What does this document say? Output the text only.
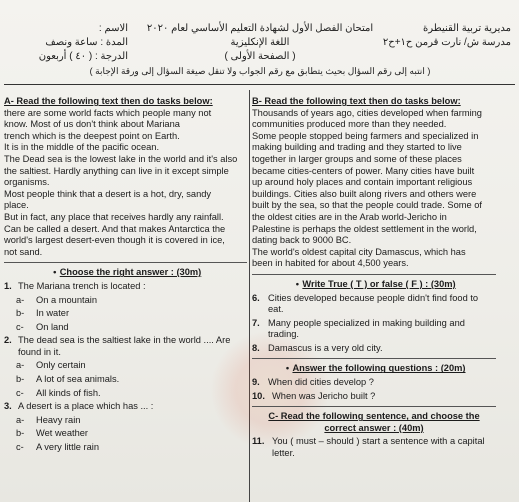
الاسم :
المدة : ساعة ونصف
الدرجة : ( ٤٠ ) أربعون
امتحان الفصل الأول لشهادة التعليم الأساسي لعام ٢٠٢٠
اللغة الإنكليزية
( الصفحة الأولى )
مديرية تربية القنيطرة
مدرسة ش/ نارت قرمن ح١+ح٢
( انتبه إلى رقم السؤال بحيث يتطابق مع رقم الجواب ولا تنقل صيغة السؤال إلى ورقة الإجابة )
A- Read the following text then do tasks below:

there are some world facts which people many not

know. Most of us don't think about Mariana

trench which is the deepest point on Earth.

It is in the middle of the pacific ocean.

The Dead sea is the lowest lake in the world and it's also

the saltiest. Hardly anything can live in it except simple

organisms.

Most people think that a desert is a hot, dry, sandy

place.

But in fact, any place that receives hardly any rainfall.

Can be called a desert. And that makes Antarctica the

world's largest desert-even though it is covered in ice,

not sand.

• Choose the right answer : (30m)
1. The Mariana trench is located :
a- On a mountain
b- In water
c- On land
2. The dead sea is the saltiest lake in the world .... Are
found in it.
a- Only certain
b- A lot of sea animals.
c- All kinds of fish.
3. A desert is a place which has ... :
a- Heavy rain
b- Wet weather
c- A very little rain
B- Read the following text then do tasks below:

Thousands of years ago, cities developed when farming

communities produced more than they needed.

Some people stopped being farmers and specialized in

making building and trading and they started to live

together in larger groups and some of these places

became cities-centers of power. Many cities have built

up around holy places and contain important religious

buildings. Cities also built along rivers and others were

built by the sea, so that the people could trade. Some of

the oldest cities are in the Arab world-Jericho in

Palestine is perhaps the oldest settlement in the world,

dating back to 9000 BC.

The world's oldest capital city Damascus, which has

been in habited for about 4,500 years.

• Write True ( T ) or false ( F ) : (30m)
6. Cities developed because people didn't find food to
eat.
7. Many people specialized in making building and
trading.
8. Damascus is a very old city.
• Answer the following questions : (20m)
9. When did cities develop ?
10. When was Jericho built ?
C- Read the following sentence, and choose the
correct answer : (40m)
11. You ( must – should ) start a sentence with a capital
letter.
